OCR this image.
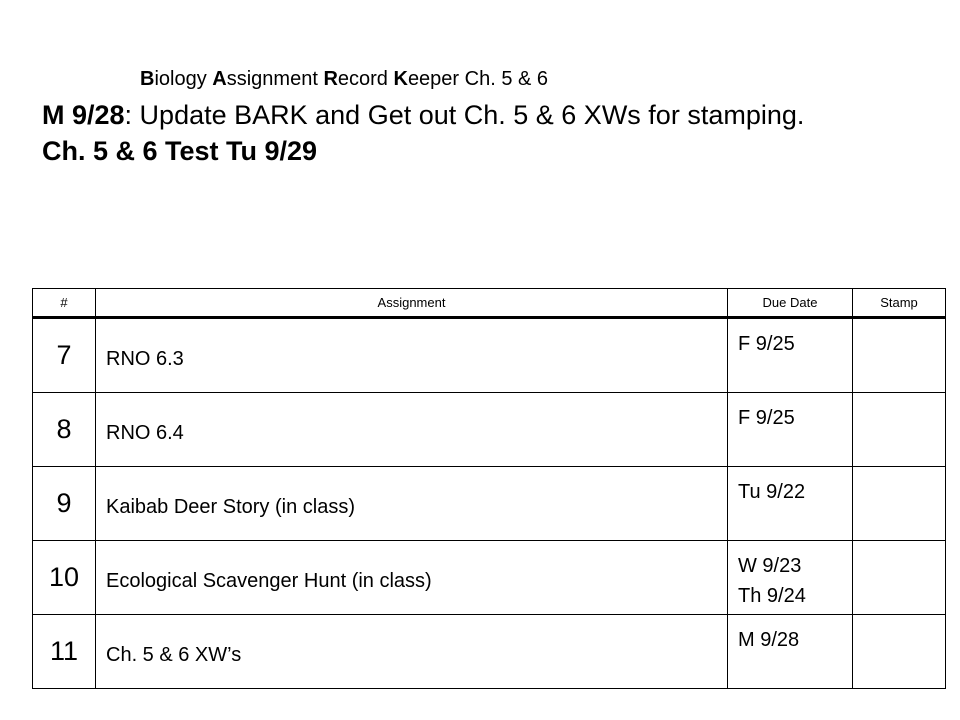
Biology Assignment Record Keeper Ch. 5 & 6
M 9/28: Update BARK and Get out Ch. 5 & 6 XWs for stamping.
Ch. 5 & 6 Test Tu 9/29
#	Assignment	Due Date	Stamp
7	RNO 6.3	F 9/25	

8	RNO 6.4	F 9/25	

9	Kaibab Deer Story (in class)	Tu 9/22	

10	Ecological Scavenger Hunt (in class)	W 9/23
Th 9/24	

11	Ch. 5 & 6 XW’s	M 9/28	
